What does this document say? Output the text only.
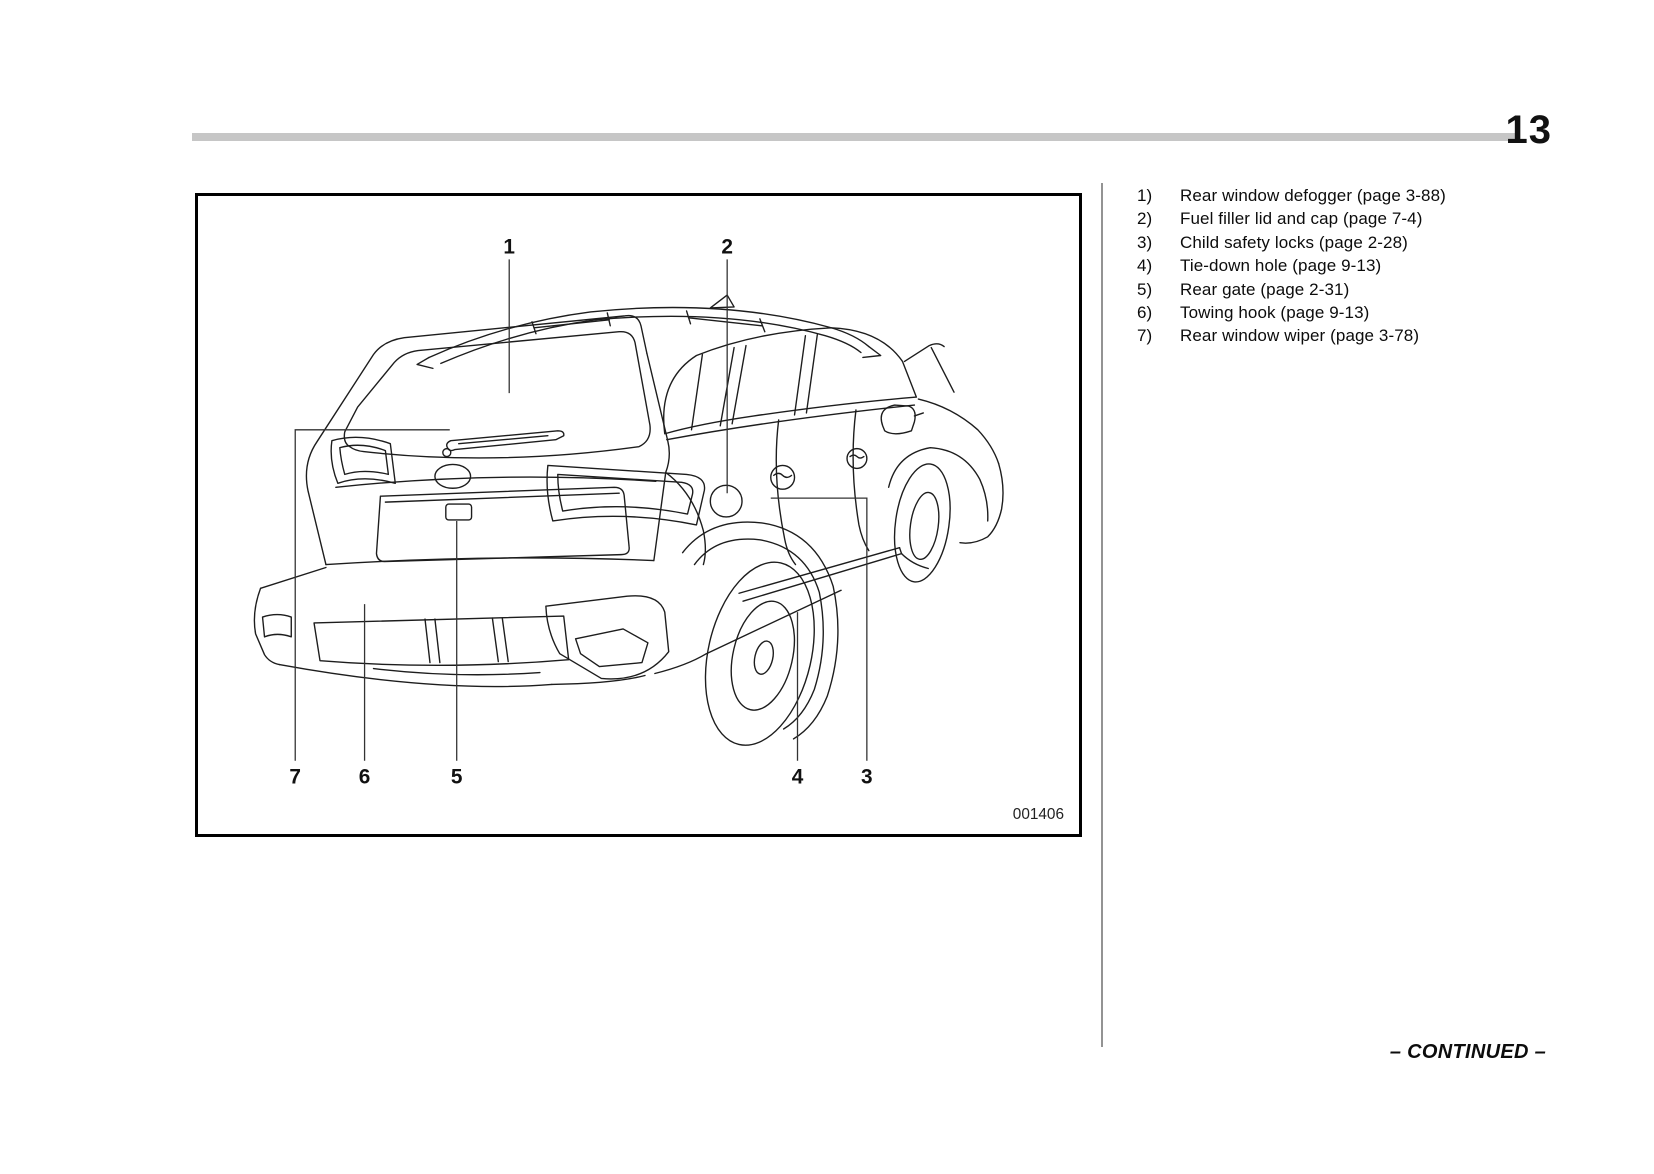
13
1	2
3
4
5
6
7
001406
1) Rear window defogger (page 3-88)
2) Fuel filler lid and cap (page 7-4)
3) Child safety locks (page 2-28)
4) Tie-down hole (page 9-13)
5) Rear gate (page 2-31)
6) Towing hook (page 9-13)
7) Rear window wiper (page 3-78)
– CONTINUED –
